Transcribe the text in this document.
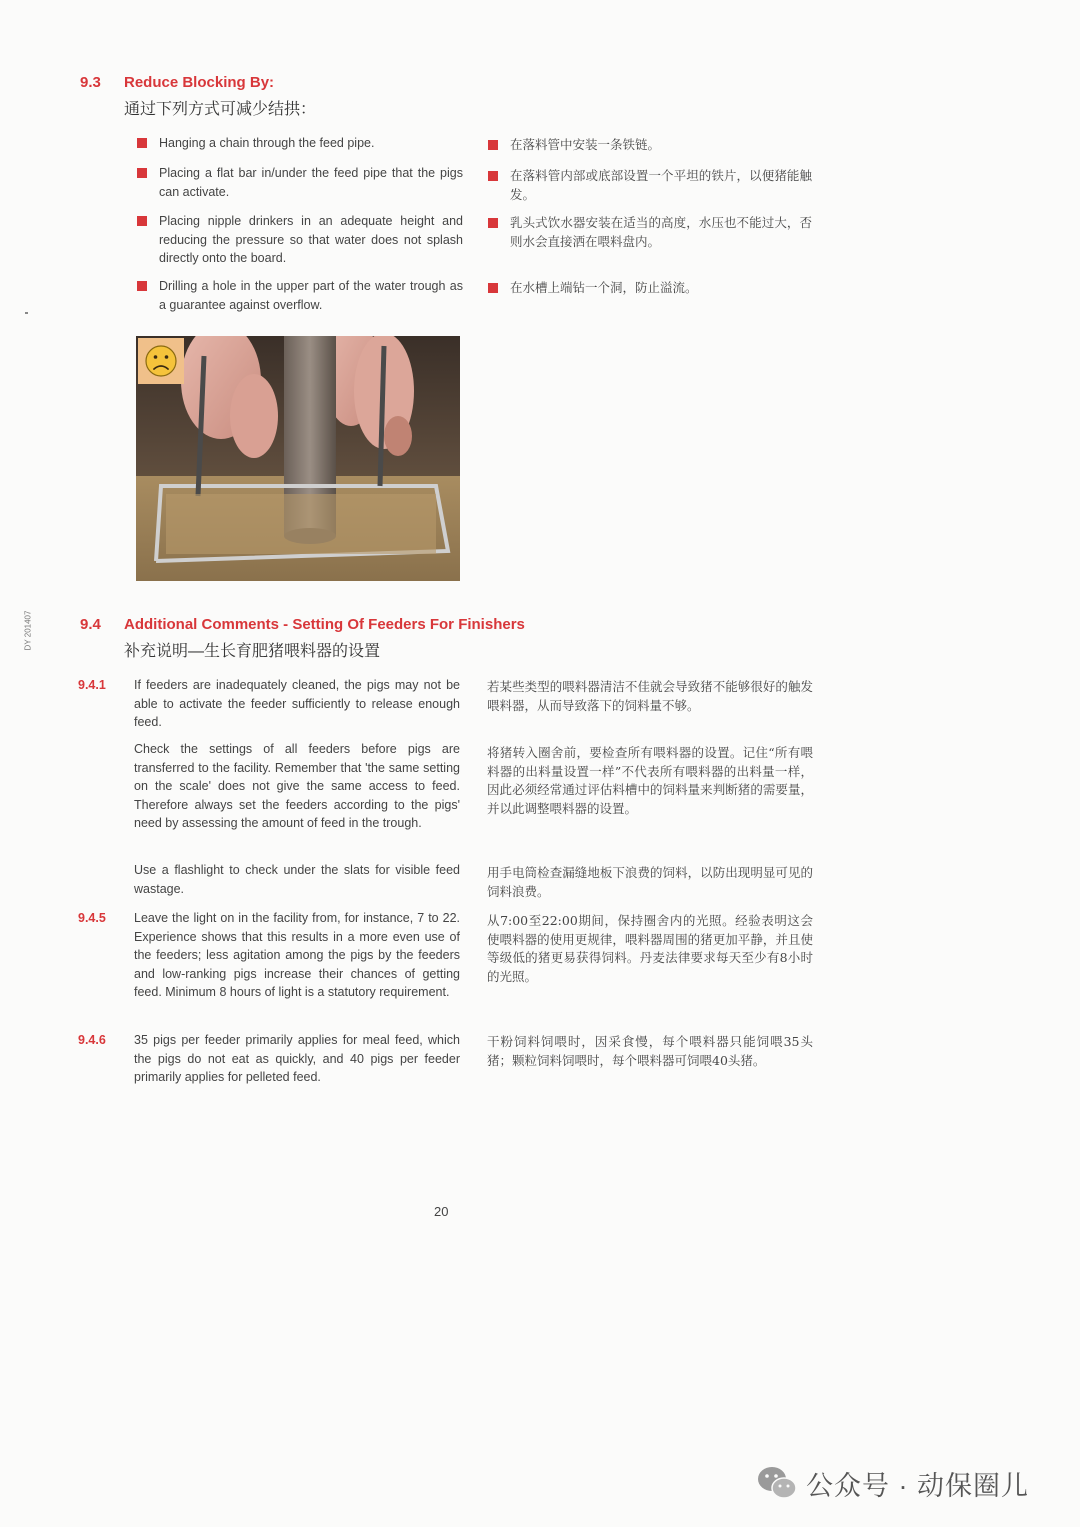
9.3 Reduce Blocking By:
通过下列方式可减少结拱：
Hanging a chain through the feed pipe.
Placing a flat bar in/under the feed pipe that the pigs can activate.
Placing nipple drinkers in an adequate height and reducing the pressure so that water does not splash directly onto the board.
Drilling a hole in the upper part of the water trough as a guarantee against overflow.
在落料管中安装一条铁链。
在落料管内部或底部设置一个平坦的铁片，以便猪能触发。
乳头式饮水器安装在适当的高度，水压也不能过大，否则水会直接洒在喂料盘内。
在水槽上端钻一个洞，防止溢流。
DY 201407	9.4 Additional Comments - Setting Of Feeders For Finishers
补充说明—生长育肥猪喂料器的设置
9.4.1 If feeders are inadequately cleaned, the pigs may not be able to activate the feeder sufficiently to release enough feed.
若某些类型的喂料器清洁不佳就会导致猪不能够很好的触发喂料器，从而导致落下的饲料量不够。
Check the settings of all feeders before pigs are transferred to the facility. Remember that 'the same setting on the scale' does not give the same access to feed. Therefore always set the feeders according to the pigs' need by assessing the amount of feed in the trough.
将猪转入圈舍前，要检查所有喂料器的设置。记住“所有喂料器的出料量设置一样”不代表所有喂料器的出料量一样，因此必须经常通过评估料槽中的饲料量来判断猪的需要量，并以此调整喂料器的设置。
Use a flashlight to check under the slats for visible feed wastage.
用手电筒检查漏缝地板下浪费的饲料，以防出现明显可见的饲料浪费。
9.4.5 Leave the light on in the facility from, for instance, 7 to 22. Experience shows that this results in a more even use of the feeders; less agitation among the pigs by the feeders and low-ranking pigs increase their chances of getting feed. Minimum 8 hours of light is a statutory requirement.
从7:00至22:00期间，保持圈舍内的光照。经验表明这会使喂料器的使用更规律，喂料器周围的猪更加平静，并且使等级低的猪更易获得饲料。丹麦法律要求每天至少有8小时的光照。
9.4.6 35 pigs per feeder primarily applies for meal feed, which the pigs do not eat as quickly, and 40 pigs per feeder primarily applies for pelleted feed.
干粉饲料饲喂时，因采食慢，每个喂料器只能饲喂35头猪；颗粒饲料饲喂时，每个喂料器可饲喂40头猪。
20
公众号 · 动保圈儿
